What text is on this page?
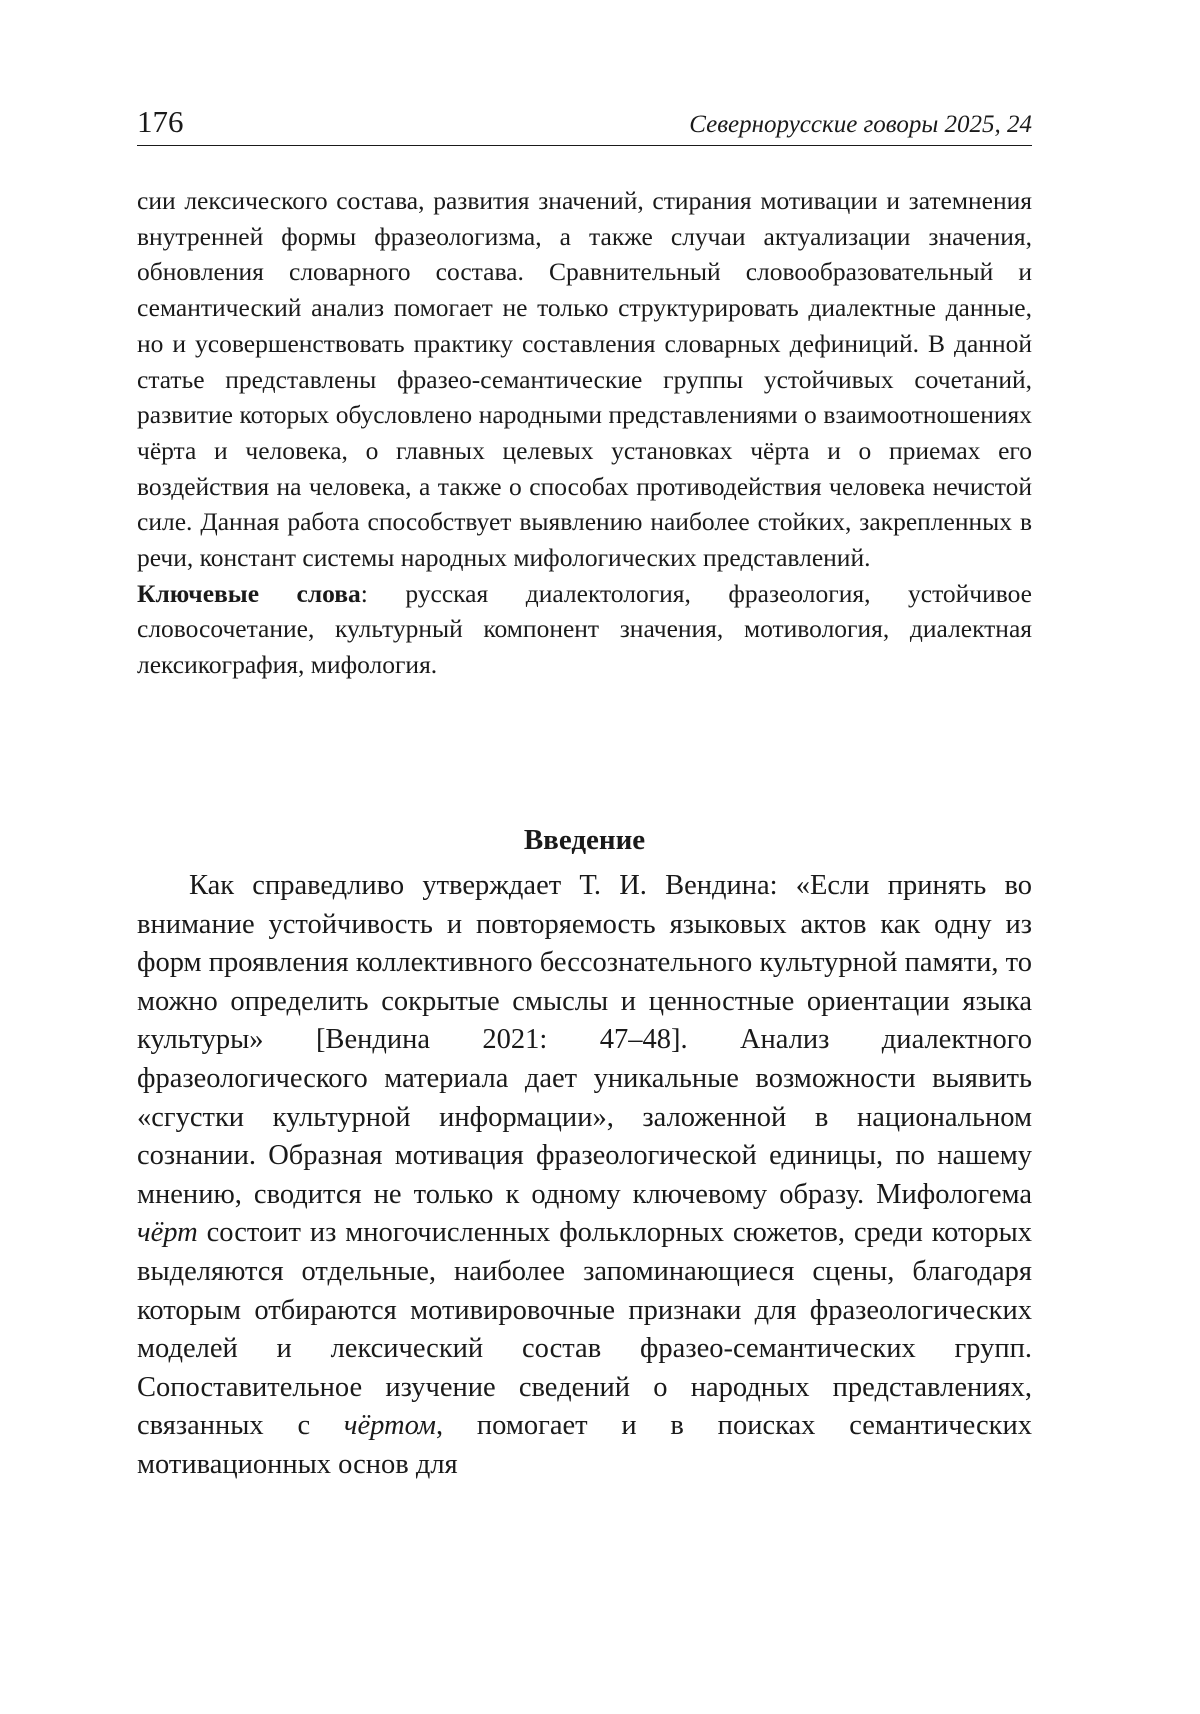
176	Севернорусские говоры 2025, 24

сии лексического состава, развития значений, стирания мотивации и затемнения внутренней формы фразеологизма, а также случаи актуализации значения, обновления словарного состава. Сравнительный словообразовательный и семантический анализ помогает не только структурировать диалектные данные, но и усовершенствовать практику составления словарных дефиниций. В данной статье представлены фразео-семантические группы устойчивых сочетаний, развитие которых обусловлено народными представлениями о взаимоотношениях чёрта и человека, о главных целевых установках чёрта и о приемах его воздействия на человека, а также о способах противодействия человека нечистой силе. Данная работа способствует выявлению наиболее стойких, закрепленных в речи, констант системы народных мифологических представлений.

Ключевые слова: русская диалектология, фразеология, устойчивое словосочетание, культурный компонент значения, мотивология, диалектная лексикография, мифология.

Введение

Как справедливо утверждает Т. И. Вендина: «Если принять во внимание устойчивость и повторяемость языковых актов как одну из форм проявления коллективного бессознательного культурной памяти, то можно определить сокрытые смыслы и ценностные ориентации языка культуры» [Вендина 2021: 47–48]. Анализ диалектного фразеологического материала дает уникальные возможности выявить «сгустки культурной информации», заложенной в национальном сознании. Образная мотивация фразеологической единицы, по нашему мнению, сводится не только к одному ключевому образу. Мифологема чёрт состоит из многочисленных фольклорных сюжетов, среди которых выделяются отдельные, наиболее запоминающиеся сцены, благодаря которым отбираются мотивировочные признаки для фразеологических моделей и лексический состав фразео-семантических групп. Сопоставительное изучение сведений о народных представлениях, связанных с чёртом, помогает и в поисках семантических мотивационных основ для
